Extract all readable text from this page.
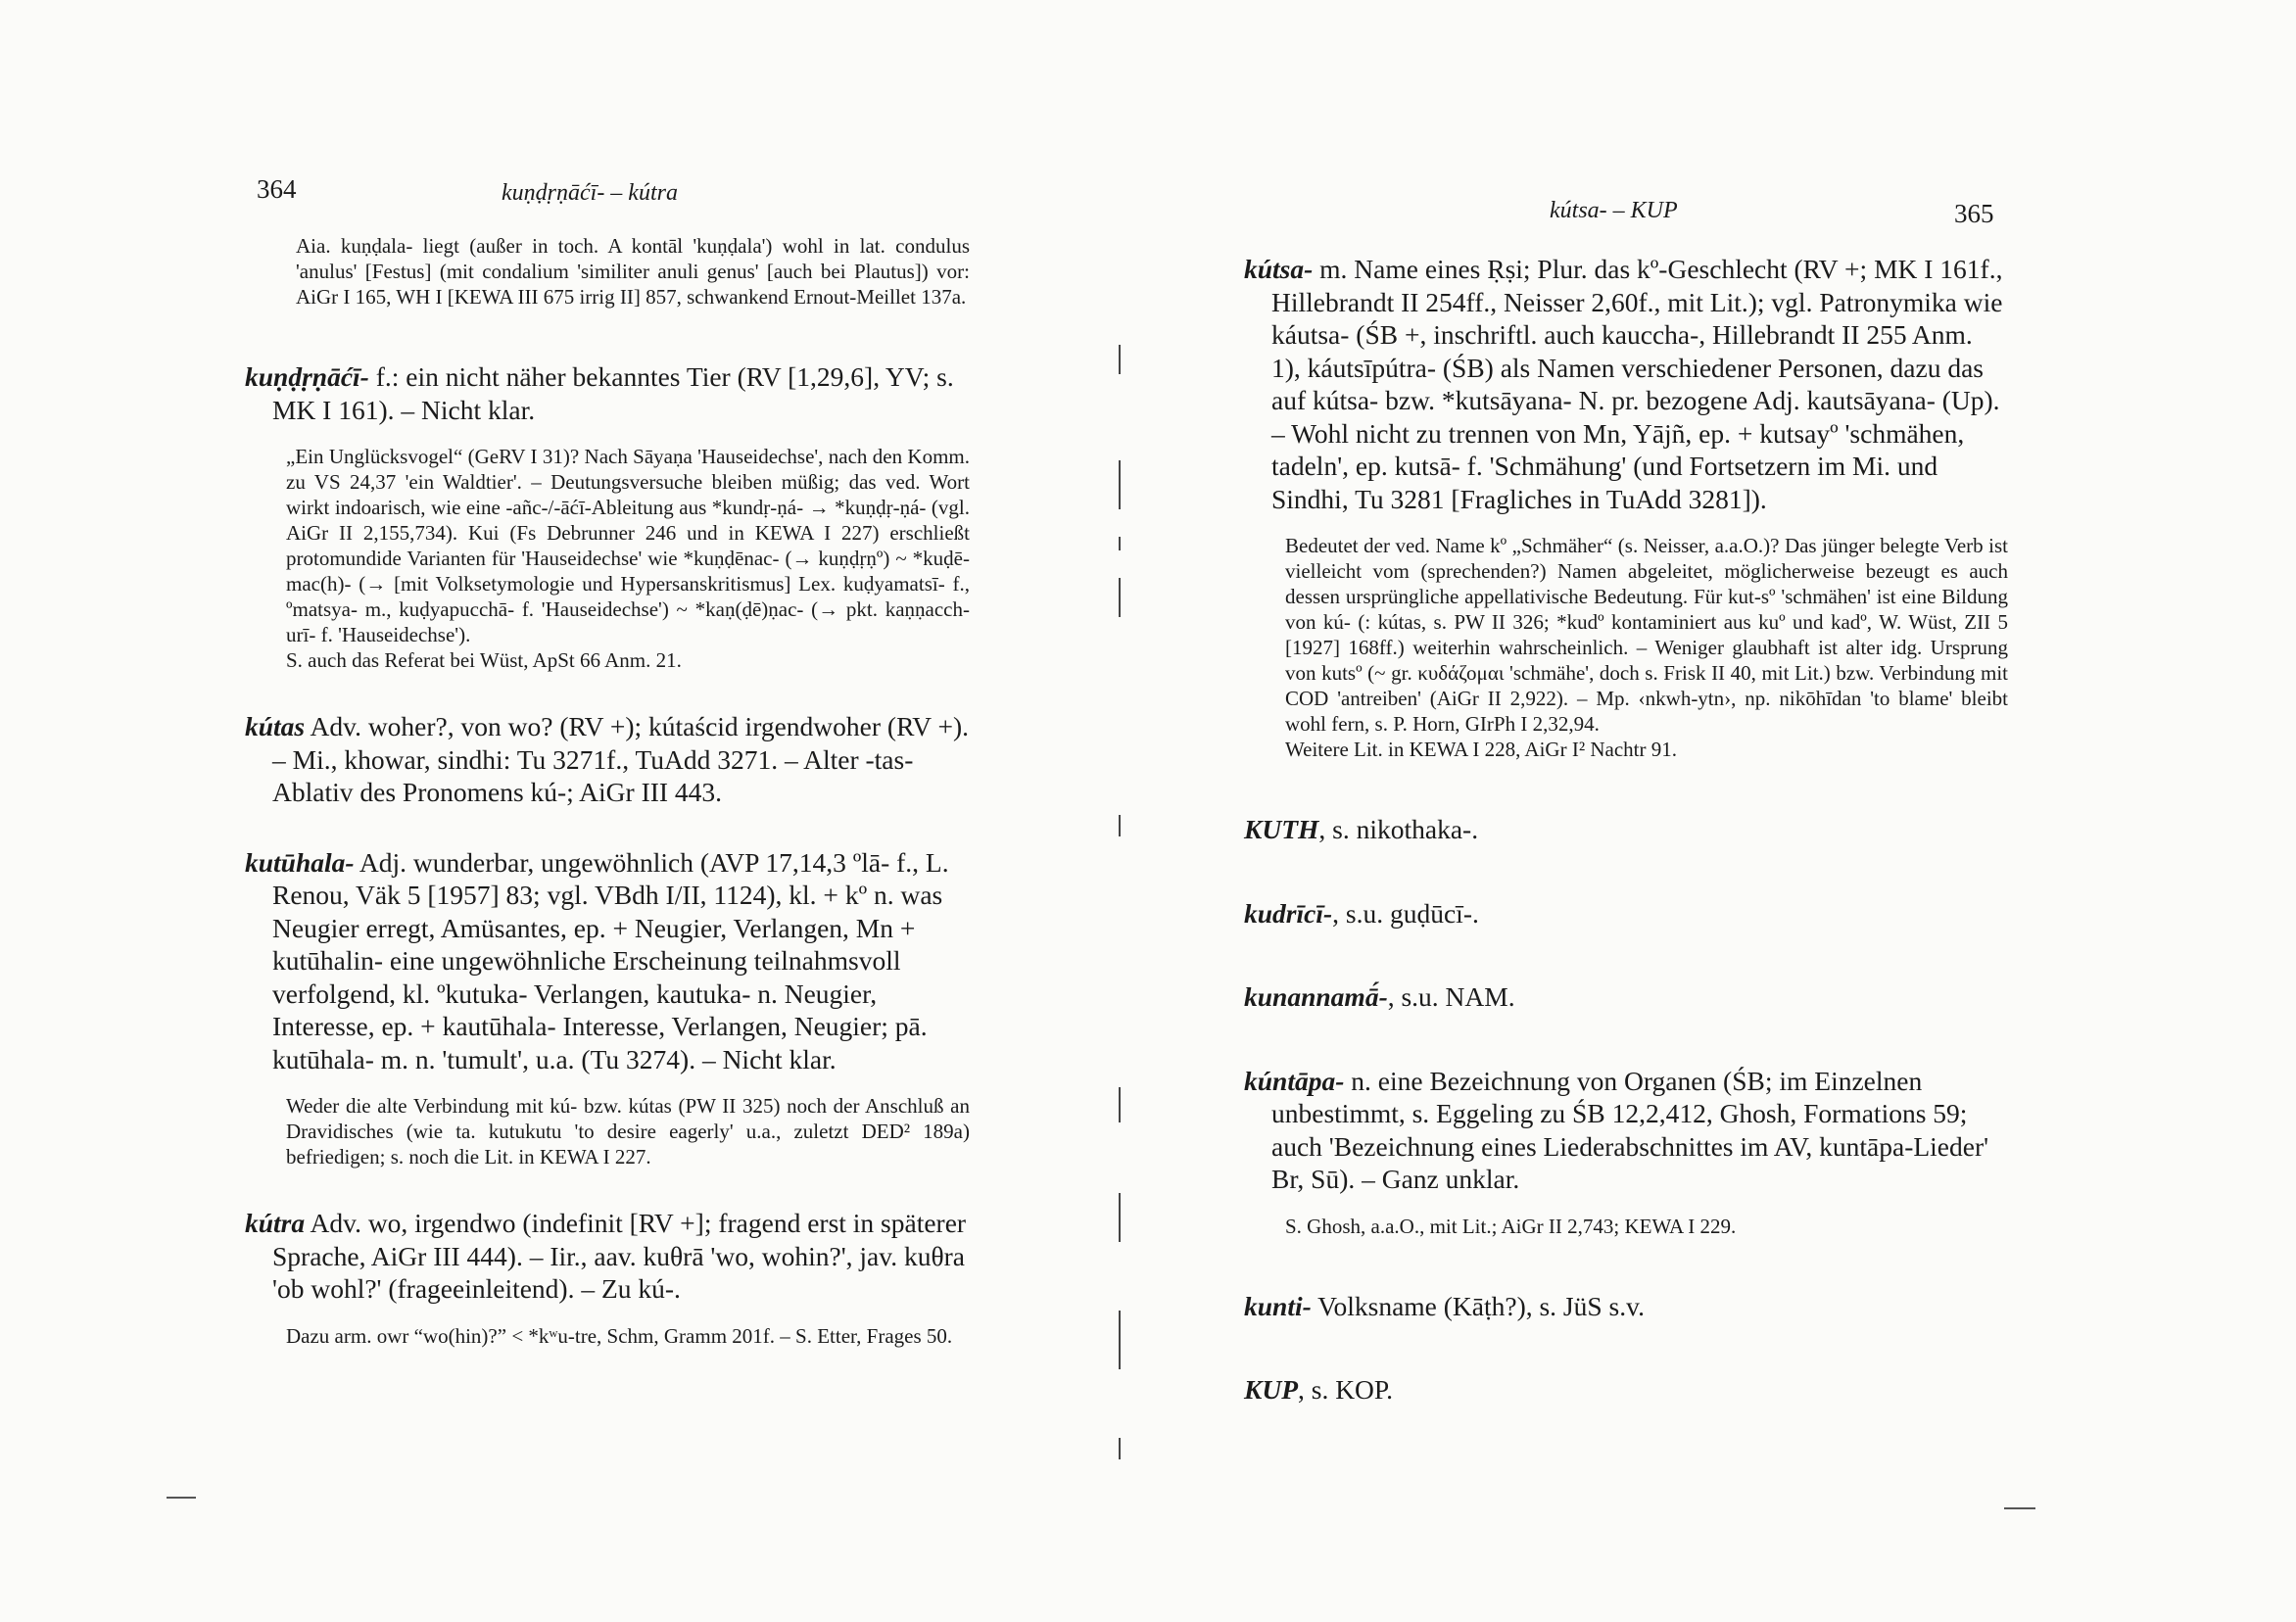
364	kuṇḍṛṇāćī- – kútra

Aia. kuṇḍala- liegt (außer in toch. A kontāl 'kuṇḍala') wohl in lat. condulus 'anulus' [Festus] (mit condalium 'similiter anuli genus' [auch bei Plautus]) vor: AiGr I 165, WH I [KEWA III 675 irrig II] 857, schwankend Ernout-Meillet 137a.

kuṇḍṛṇāćī- f.: ein nicht näher bekanntes Tier (RV [1,29,6], YV; s. MK I 161). – Nicht klar.

„Ein Unglücksvogel“ (GeRV I 31)? Nach Sāyaṇa 'Hauseidechse', nach den Komm. zu VS 24,37 'ein Waldtier'. – Deutungsversuche bleiben müßig; das ved. Wort wirkt indoarisch, wie eine -añc-/-āćī-Ableitung aus *kundṛ-ṇá- → *kuṇḍṛ-ṇá- (vgl. AiGr II 2,155,734). Kui (Fs Debrunner 246 und in KEWA I 227) erschließt protomundide Varianten für 'Hauseidechse' wie *kuṇḍēnac- (→ kuṇḍṛṇº) ~ *kuḍē-mac(h)- (→ [mit Volksetymologie und Hypersanskritismus] Lex. kuḍyamatsī- f., ºmatsya- m., kuḍyapucchā- f. 'Hauseidechse') ~ *kaṇ(ḍē)ṇac- (→ pkt. kaṇṇacch-urī- f. 'Hauseidechse').

S. auch das Referat bei Wüst, ApSt 66 Anm. 21.

kútas Adv. woher?, von wo? (RV +); kútaścid irgendwoher (RV +). – Mi., khowar, sindhi: Tu 3271f., TuAdd 3271. – Alter -tas-Ablativ des Pronomens kú-; AiGr III 443.
kutūhala- Adj. wunderbar, ungewöhnlich (AVP 17,14,3 ºlā- f., L. Renou, Väk 5 [1957] 83; vgl. VBdh I/II, 1124), kl. + kº n. was Neugier erregt, Amüsantes, ep. + Neugier, Verlangen, Mn + kutūhalin- eine ungewöhnliche Erscheinung teilnahmsvoll verfolgend, kl. ºkutuka- Verlangen, kautuka- n. Neugier, Interesse, ep. + kautūhala- Interesse, Verlangen, Neugier; pā. kutūhala- m. n. 'tumult', u.a. (Tu 3274). – Nicht klar.

Weder die alte Verbindung mit kú- bzw. kútas (PW II 325) noch der Anschluß an Dravidisches (wie ta. kutukutu 'to desire eagerly' u.a., zuletzt DED² 189a) befriedigen; s. noch die Lit. in KEWA I 227.

kútra Adv. wo, irgendwo (indefinit [RV +]; fragend erst in späterer Sprache, AiGr III 444). – Iir., aav. kuθrā 'wo, wohin?', jav. kuθra 'ob wohl?' (frageeinleitend). – Zu kú-.

Dazu arm. owr “wo(hin)?” < *kʷu-tre, Schm, Gramm 201f. – S. Etter, Frages 50.

kútsa- – KUP	365
kútsa- m. Name eines Ṛṣi; Plur. das kº-Geschlecht (RV +; MK I 161f., Hillebrandt II 254ff., Neisser 2,60f., mit Lit.); vgl. Patronymika wie káutsa- (ŚB +, inschriftl. auch kauccha-, Hillebrandt II 255 Anm. 1), káutsīpútra- (ŚB) als Namen verschiedener Personen, dazu das auf kútsa- bzw. *kutsāyana- N. pr. bezogene Adj. kautsāyana- (Up). – Wohl nicht zu trennen von Mn, Yājñ, ep. + kutsayº 'schmähen, tadeln', ep. kutsā- f. 'Schmähung' (und Fortsetzern im Mi. und Sindhi, Tu 3281 [Fragliches in TuAdd 3281]).

Bedeutet der ved. Name kº „Schmäher“ (s. Neisser, a.a.O.)? Das jünger belegte Verb ist vielleicht vom (sprechenden?) Namen abgeleitet, möglicherweise bezeugt es auch dessen ursprüngliche appellativische Bedeutung. Für kut-sº 'schmähen' ist eine Bildung von kú- (: kútas, s. PW II 326; *kudº kontaminiert aus kuº und kadº, W. Wüst, ZII 5 [1927] 168ff.) weiterhin wahrscheinlich. – Weniger glaubhaft ist alter idg. Ursprung von kutsº (~ gr. κυδάζομαι 'schmähe', doch s. Frisk II 40, mit Lit.) bzw. Verbindung mit COD 'antreiben' (AiGr II 2,922). – Mp. ‹nkwh-ytn›, np. nikōhīdan 'to blame' bleibt wohl fern, s. P. Horn, GIrPh I 2,32,94.

Weitere Lit. in KEWA I 228, AiGr I² Nachtr 91.

KUTH, s. nikothaka-.
kudrīcī-, s.u. guḍūcī-.
kunannamā́-, s.u. NAM.
kúntāpa- n. eine Bezeichnung von Organen (ŚB; im Einzelnen unbestimmt, s. Eggeling zu ŚB 12,2,412, Ghosh, Formations 59; auch 'Bezeichnung eines Liederabschnittes im AV, kuntāpa-Lieder' Br, Sū). – Ganz unklar.

S. Ghosh, a.a.O., mit Lit.; AiGr II 2,743; KEWA I 229.

kunti- Volksname (Kāṭh?), s. JüS s.v.
KUP, s. KOP.
